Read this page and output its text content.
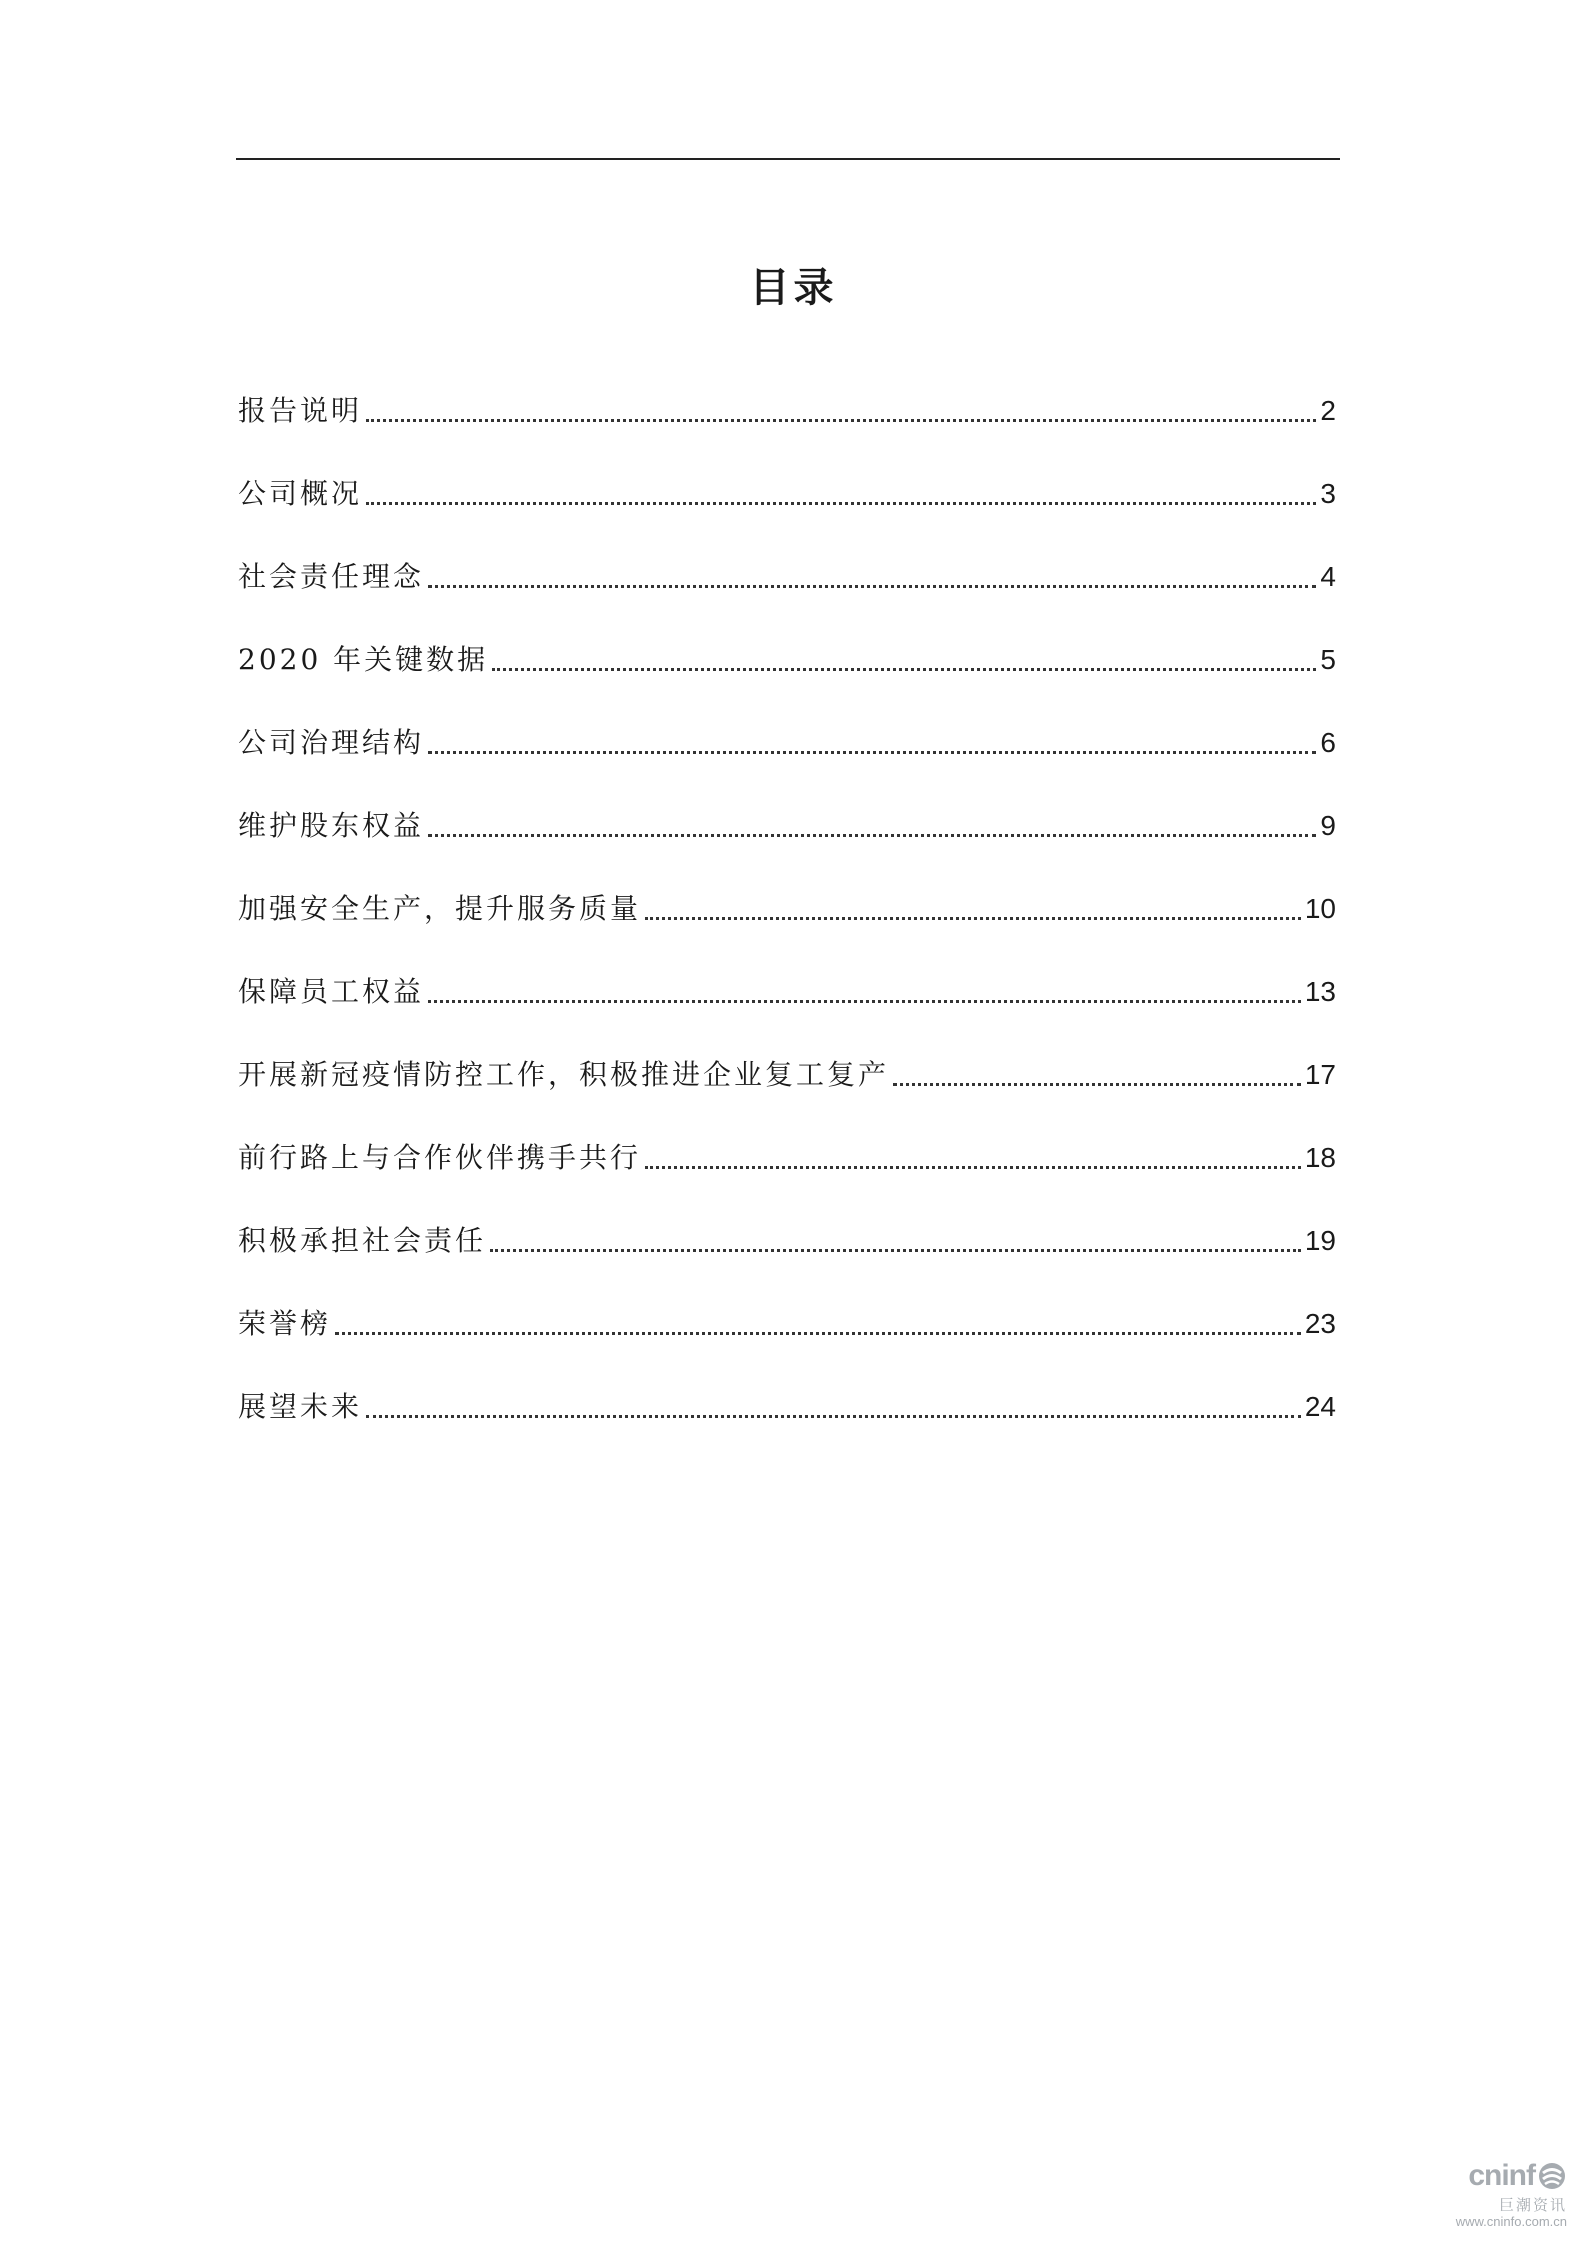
目录
报告说明	2
公司概况	3
社会责任理念	4
2020 年关键数据	5
公司治理结构	6
维护股东权益	9
加强安全生产，提升服务质量	10
保障员工权益	13
开展新冠疫情防控工作，积极推进企业复工复产	17
前行路上与合作伙伴携手共行	18
积极承担社会责任	19
荣誉榜	23
展望未来	24
cninf
巨潮资讯
www.cninfo.com.cn
